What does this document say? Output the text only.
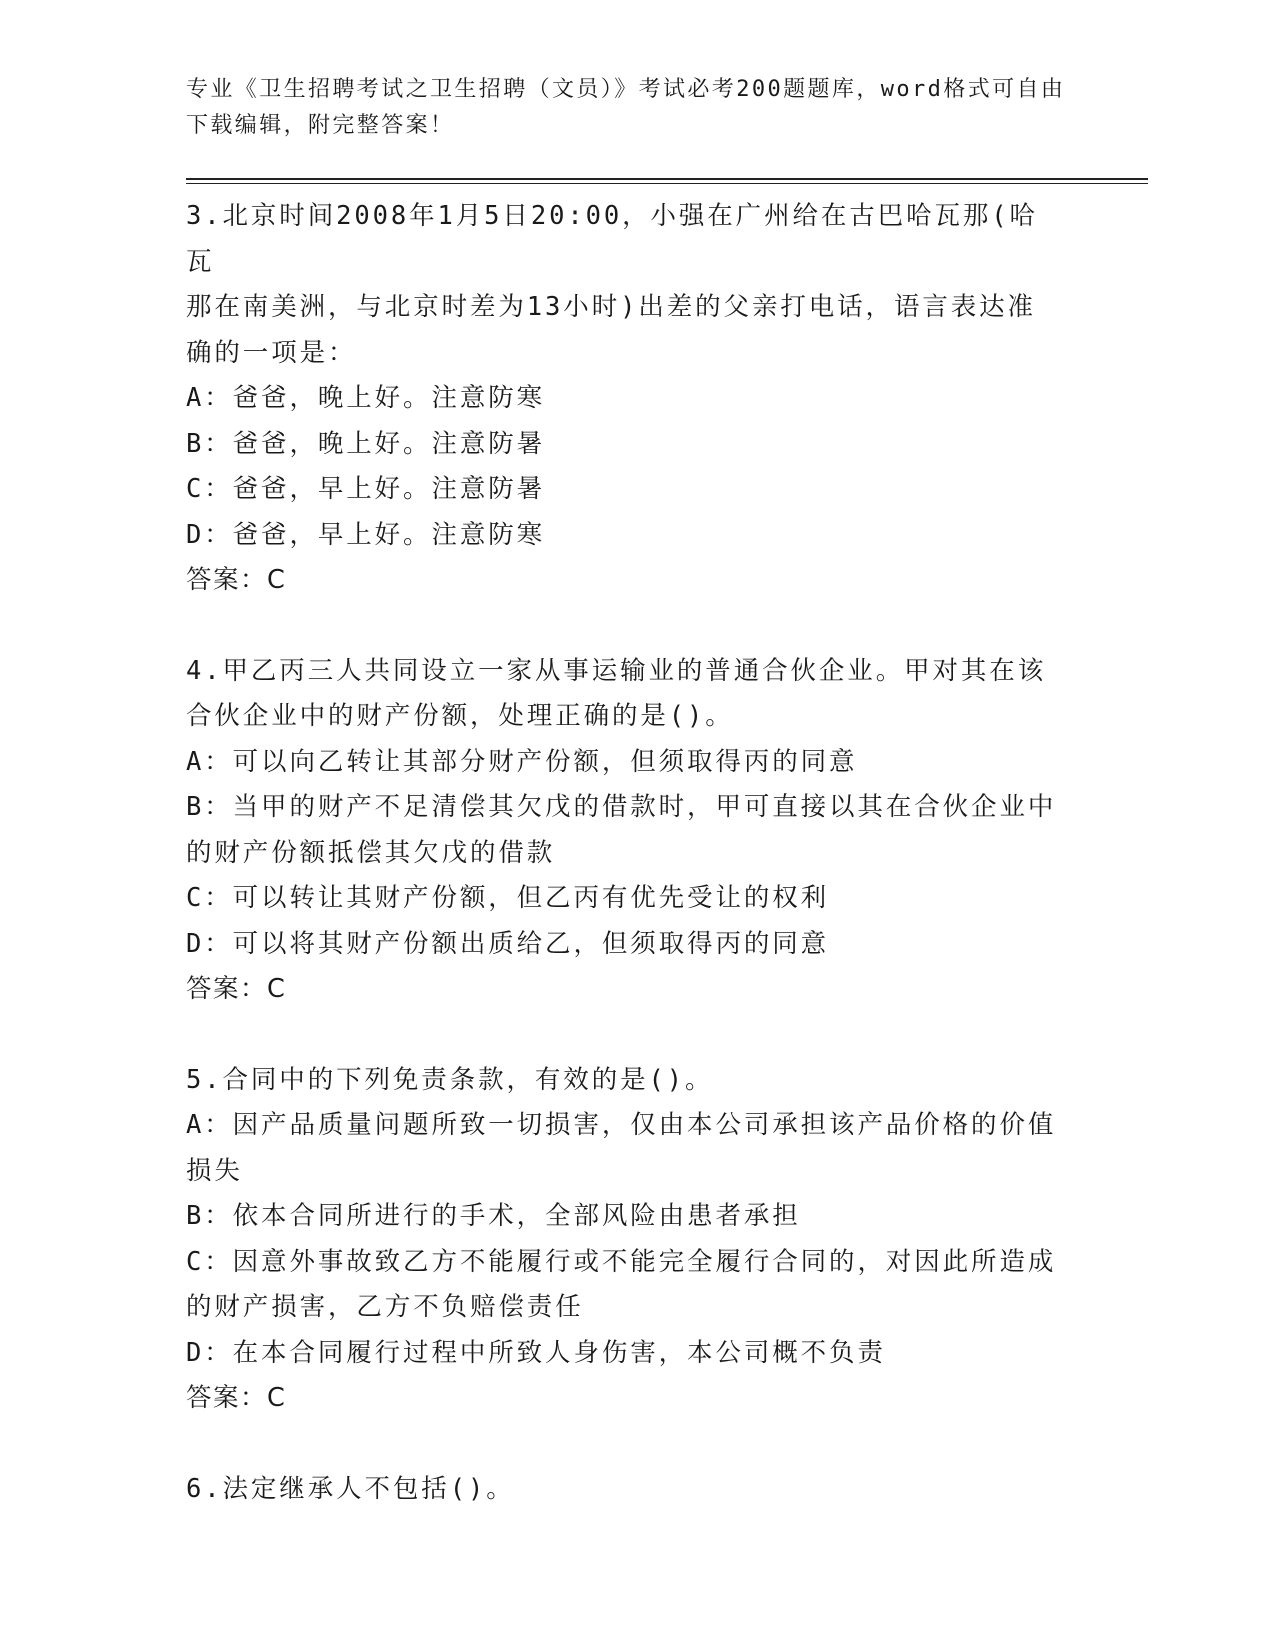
专业《卫生招聘考试之卫生招聘（文员）》考试必考200题题库，word格式可自由下载编辑，附完整答案！

3.北京时间2008年1月5日20:00，小强在广州给在古巴哈瓦那(哈瓦

那在南美洲，与北京时差为13小时)出差的父亲打电话，语言表达准

确的一项是：

A：爸爸，晚上好。注意防寒

B：爸爸，晚上好。注意防暑

C：爸爸，早上好。注意防暑

D：爸爸，早上好。注意防寒

答案：C

4.甲乙丙三人共同设立一家从事运输业的普通合伙企业。甲对其在该

合伙企业中的财产份额，处理正确的是()。

A：可以向乙转让其部分财产份额，但须取得丙的同意

B：当甲的财产不足清偿其欠戊的借款时，甲可直接以其在合伙企业中

的财产份额抵偿其欠戊的借款

C：可以转让其财产份额，但乙丙有优先受让的权利

D：可以将其财产份额出质给乙，但须取得丙的同意

答案：C

5.合同中的下列免责条款，有效的是()。

A：因产品质量问题所致一切损害，仅由本公司承担该产品价格的价值

损失

B：依本合同所进行的手术，全部风险由患者承担

C：因意外事故致乙方不能履行或不能完全履行合同的，对因此所造成

的财产损害，乙方不负赔偿责任

D：在本合同履行过程中所致人身伤害，本公司概不负责

答案：C

6.法定继承人不包括()。
